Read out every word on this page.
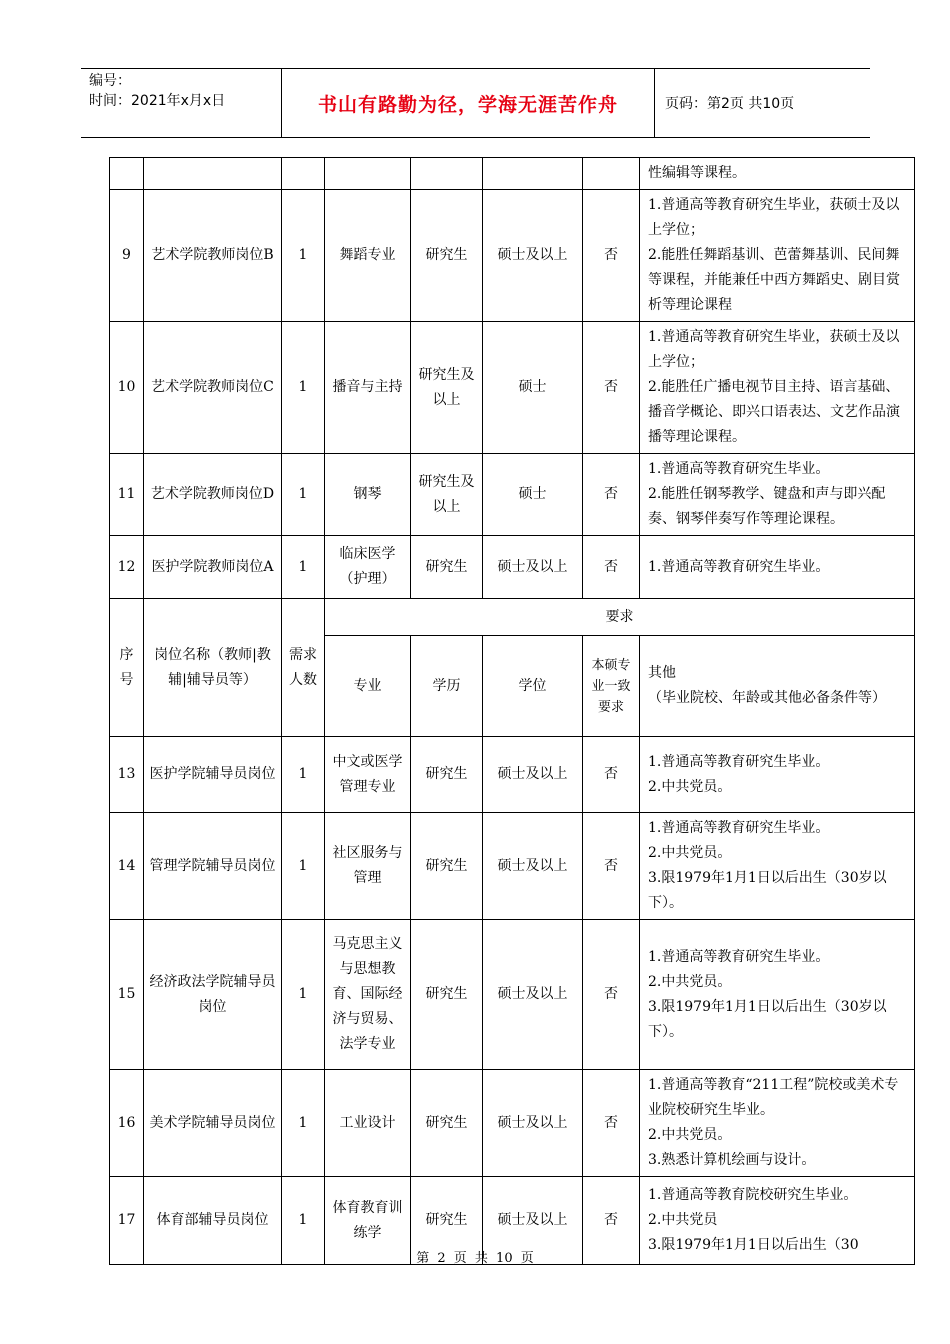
编号：
时间：2021年x月x日	书山有路勤为径，学海无涯苦作舟	页码：第2页 共10页
							性编辑等课程。
9	艺术学院教师岗位B	1	舞蹈专业	研究生	硕士及以上	否	1.普通高等教育研究生毕业，获硕士及以上学位；
2.能胜任舞蹈基训、芭蕾舞基训、民间舞等课程，并能兼任中西方舞蹈史、剧目赏析等理论课程

10	艺术学院教师岗位C	1	播音与主持	研究生及以上	硕士	否	1.普通高等教育研究生毕业，获硕士及以上学位；
2.能胜任广播电视节目主持、语言基础、播音学概论、即兴口语表达、文艺作品演播等理论课程。

11	艺术学院教师岗位D	1	钢琴	研究生及以上	硕士	否	1.普通高等教育研究生毕业。
2.能胜任钢琴教学、键盘和声与即兴配奏、钢琴伴奏写作等理论课程。

12	医护学院教师岗位A	1	临床医学（护理）	研究生	硕士及以上	否	1.普通高等教育研究生毕业。

序号	岗位名称（教师|教辅|辅导员等）	需求人数	要求				
			专业	学历	学位	本硕专业一致要求	其他
（毕业院校、年龄或其他必备条件等）

13	医护学院辅导员岗位	1	中文或医学管理专业	研究生	硕士及以上	否	1.普通高等教育研究生毕业。
2.中共党员。

14	管理学院辅导员岗位	1	社区服务与管理	研究生	硕士及以上	否	1.普通高等教育研究生毕业。
2.中共党员。
3.限1979年1月1日以后出生（30岁以下）。

15	经济政法学院辅导员岗位	1	马克思主义与思想教育、国际经济与贸易、法学专业	研究生	硕士及以上	否	1.普通高等教育研究生毕业。
2.中共党员。
3.限1979年1月1日以后出生（30岁以下）。

16	美术学院辅导员岗位	1	工业设计	研究生	硕士及以上	否	1.普通高等教育“211工程”院校或美术专业院校研究生毕业。
2.中共党员。
3.熟悉计算机绘画与设计。

17	体育部辅导员岗位	1	体育教育训练学	研究生	硕士及以上	否	1.普通高等教育院校研究生毕业。
2.中共党员
3.限1979年1月1日以后出生（30
第 2 页 共 10 页
